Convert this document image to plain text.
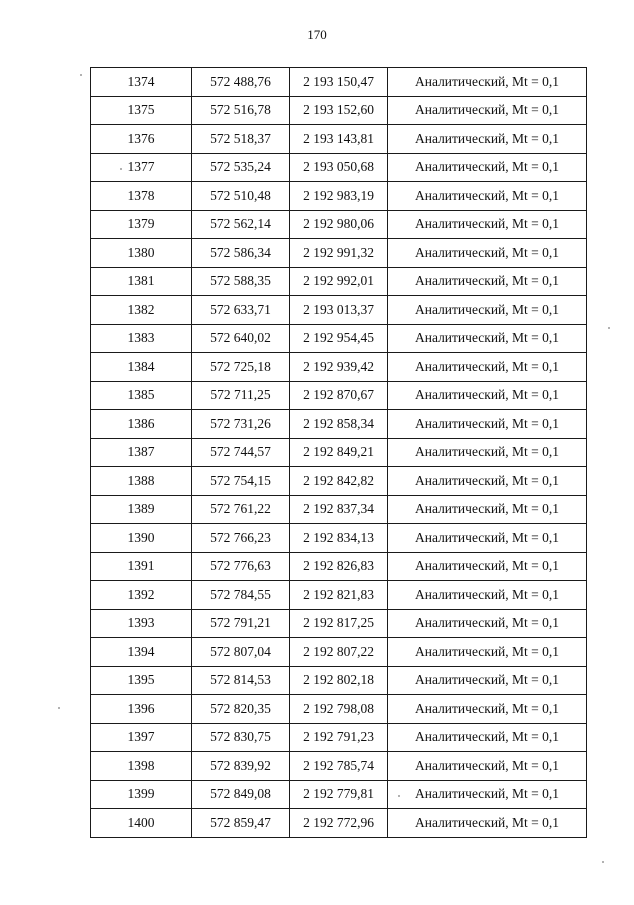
170
1374	572 488,76	2 193 150,47	Аналитический, Mt = 0,1
1375	572 516,78	2 193 152,60	Аналитический, Mt = 0,1
1376	572 518,37	2 193 143,81	Аналитический, Mt = 0,1
1377	572 535,24	2 193 050,68	Аналитический, Mt = 0,1
1378	572 510,48	2 192 983,19	Аналитический, Mt = 0,1
1379	572 562,14	2 192 980,06	Аналитический, Mt = 0,1
1380	572 586,34	2 192 991,32	Аналитический, Mt = 0,1
1381	572 588,35	2 192 992,01	Аналитический, Mt = 0,1
1382	572 633,71	2 193 013,37	Аналитический, Mt = 0,1
1383	572 640,02	2 192 954,45	Аналитический, Mt = 0,1
1384	572 725,18	2 192 939,42	Аналитический, Mt = 0,1
1385	572 711,25	2 192 870,67	Аналитический, Mt = 0,1
1386	572 731,26	2 192 858,34	Аналитический, Mt = 0,1
1387	572 744,57	2 192 849,21	Аналитический, Mt = 0,1
1388	572 754,15	2 192 842,82	Аналитический, Mt = 0,1
1389	572 761,22	2 192 837,34	Аналитический, Mt = 0,1
1390	572 766,23	2 192 834,13	Аналитический, Mt = 0,1
1391	572 776,63	2 192 826,83	Аналитический, Mt = 0,1
1392	572 784,55	2 192 821,83	Аналитический, Mt = 0,1
1393	572 791,21	2 192 817,25	Аналитический, Mt = 0,1
1394	572 807,04	2 192 807,22	Аналитический, Mt = 0,1
1395	572 814,53	2 192 802,18	Аналитический, Mt = 0,1
1396	572 820,35	2 192 798,08	Аналитический, Mt = 0,1
1397	572 830,75	2 192 791,23	Аналитический, Mt = 0,1
1398	572 839,92	2 192 785,74	Аналитический, Mt = 0,1
1399	572 849,08	2 192 779,81	Аналитический, Mt = 0,1
1400	572 859,47	2 192 772,96	Аналитический, Mt = 0,1
